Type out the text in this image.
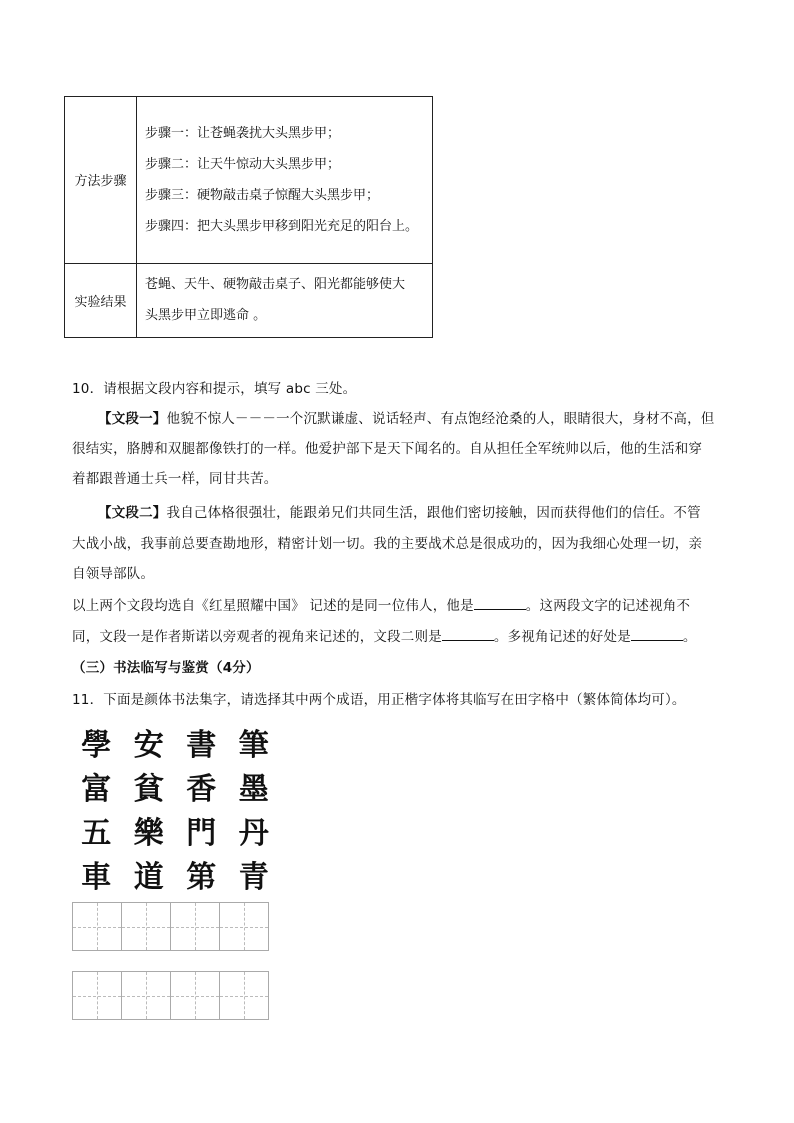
方法步骤	步骤一：让苍蝇袭扰大头黑步甲；
步骤二：让天牛惊动大头黑步甲；
步骤三：硬物敲击桌子惊醒大头黑步甲；
步骤四：把大头黑步甲移到阳光充足的阳台上。

实验结果	苍蝇、天牛、硬物敲击桌子、阳光都能够使大
头黑步甲立即逃命 。
10．请根据文段内容和提示，填写 abc 三处。
【文段一】他貌不惊人－－－一个沉默谦虚、说话轻声、有点饱经沧桑的人，眼睛很大，身材不高，但
很结实，胳膊和双腿都像铁打的一样。他爱护部下是天下闻名的。自从担任全军统帅以后，他的生活和穿
着都跟普通士兵一样，同甘共苦。
【文段二】我自己体格很强壮，能跟弟兄们共同生活，跟他们密切接触，因而获得他们的信任。不管
大战小战，我事前总要查勘地形，精密计划一切。我的主要战术总是很成功的，因为我细心处理一切，亲
自领导部队。
以上两个文段均选自《红星照耀中国》 记述的是同一位伟人，他是	。这两段文字的记述视角不
同，文段一是作者斯诺以旁观者的视角来记述的，文段二则是	。多视角记述的好处是	。
（三）书法临写与鉴赏（4分）
11．下面是颜体书法集字，请选择其中两个成语，用正楷字体将其临写在田字格中（繁体简体均可）。
學 安 書 筆
富 貧 香 墨
五 樂 門 丹
車 道 第 青
